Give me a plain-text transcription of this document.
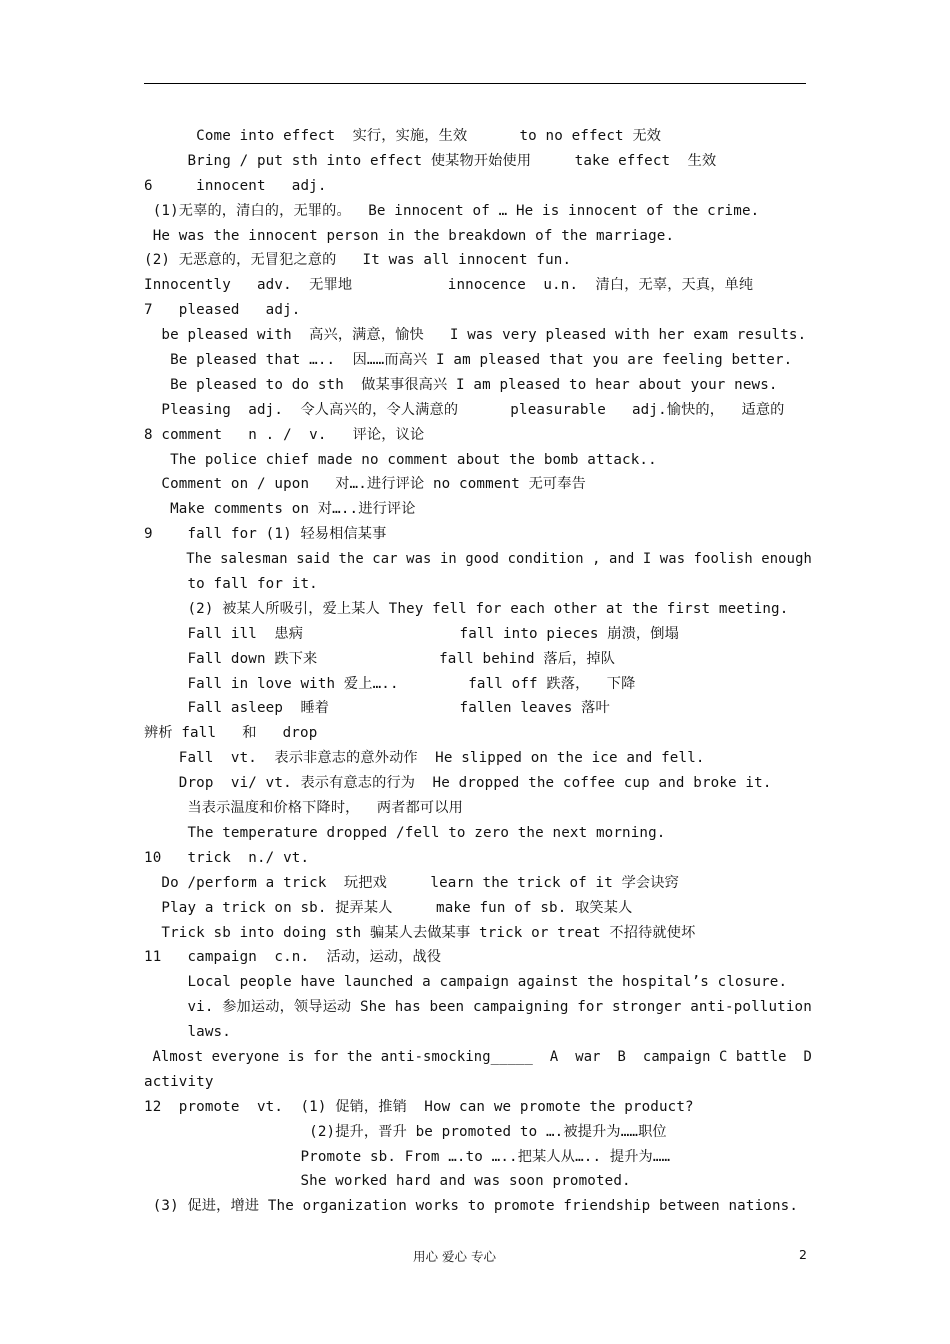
Come into effect  实行，实施，生效      to no effect 无效
Bring / put sth into effect 使某物开始使用     take effect  生效
6     innocent   adj.
(1)无辜的，清白的，无罪的。  Be innocent of … He is innocent of the crime.
He was the innocent person in the breakdown of the marriage.
(2) 无恶意的，无冒犯之意的   It was all innocent fun.
Innocently   adv.  无罪地           innocence  u.n.  清白，无辜，天真，单纯
7   pleased   adj.
be pleased with  高兴，满意，愉快   I was very pleased with her exam results.
Be pleased that …..  因……而高兴 I am pleased that you are feeling better.
Be pleased to do sth  做某事很高兴 I am pleased to hear about your news.
Pleasing  adj.  令人高兴的，令人满意的      pleasurable   adj.愉快的，  适意的
8 comment   n . /  v.   评论，议论
The police chief made no comment about the bomb attack..
Comment on / upon   对….进行评论 no comment 无可奉告
Make comments on 对…..进行评论
9    fall for (1) 轻易相信某事
The salesman said the car was in good condition , and I was foolish enough
to fall for it.
(2) 被某人所吸引，爱上某人 They fell for each other at the first meeting.
Fall ill  患病                  fall into pieces 崩溃，倒塌
Fall down 跌下来              fall behind 落后，掉队
Fall in love with 爱上…..        fall off 跌落，  下降
Fall asleep  睡着               fallen leaves 落叶
辨析 fall   和   drop
Fall  vt.  表示非意志的意外动作  He slipped on the ice and fell.
Drop  vi/ vt. 表示有意志的行为  He dropped the coffee cup and broke it.
当表示温度和价格下降时，  两者都可以用
The temperature dropped /fell to zero the next morning.
10   trick  n./ vt.
Do /perform a trick  玩把戏     learn the trick of it 学会诀窍
Play a trick on sb. 捉弄某人     make fun of sb. 取笑某人
Trick sb into doing sth 骗某人去做某事 trick or treat 不招待就使坏
11   campaign  c.n.  活动，运动，战役
Local people have launched a campaign against the hospital’s closure.
vi. 参加运动，领导运动 She has been campaigning for stronger anti-pollution
laws.
Almost everyone is for the anti-smocking_____  A  war  B  campaign C battle  D
activity
12  promote  vt.  (1) 促销，推销  How can we promote the product?
(2)提升，晋升 be promoted to ….被提升为……职位
Promote sb. From ….to …..把某人从….. 提升为……
She worked hard and was soon promoted.
(3) 促进，增进 The organization works to promote friendship between nations.
用心 爱心 专心	2
